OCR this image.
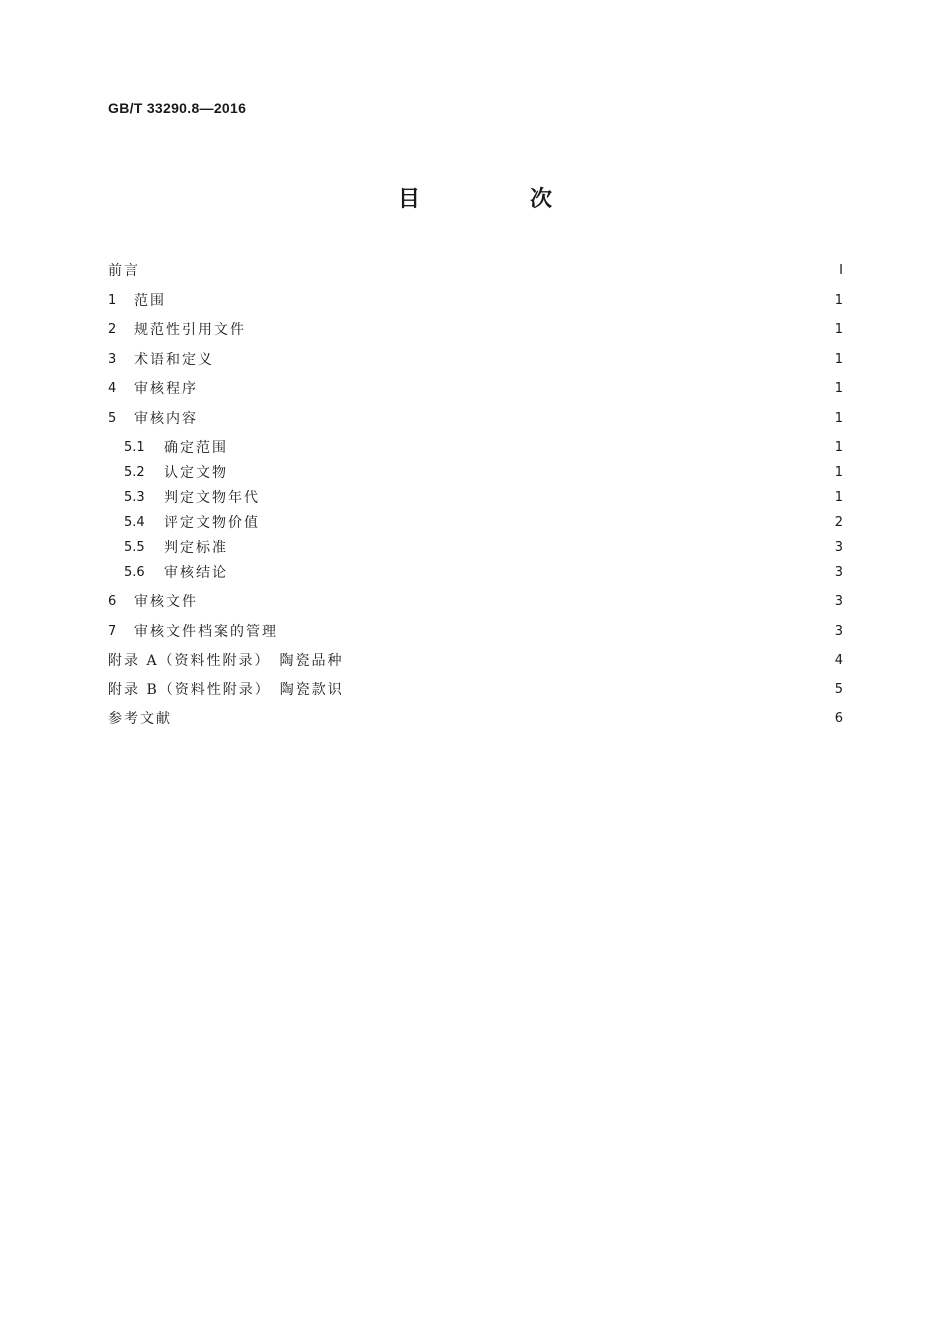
GB/T 33290.8—2016
目　次
前言	Ⅰ
1	范围	1
2	规范性引用文件	1
3	术语和定义	1
4	审核程序	1
5	审核内容	1
5.1	确定范围	1
5.2	认定文物	1
5.3	判定文物年代	1
5.4	评定文物价值	2
5.5	判定标准	3
5.6	审核结论	3
6	审核文件	3
7	审核文件档案的管理	3
附录 A（资料性附录）　陶瓷品种	4
附录 B（资料性附录）　陶瓷款识	5
参考文献	6
